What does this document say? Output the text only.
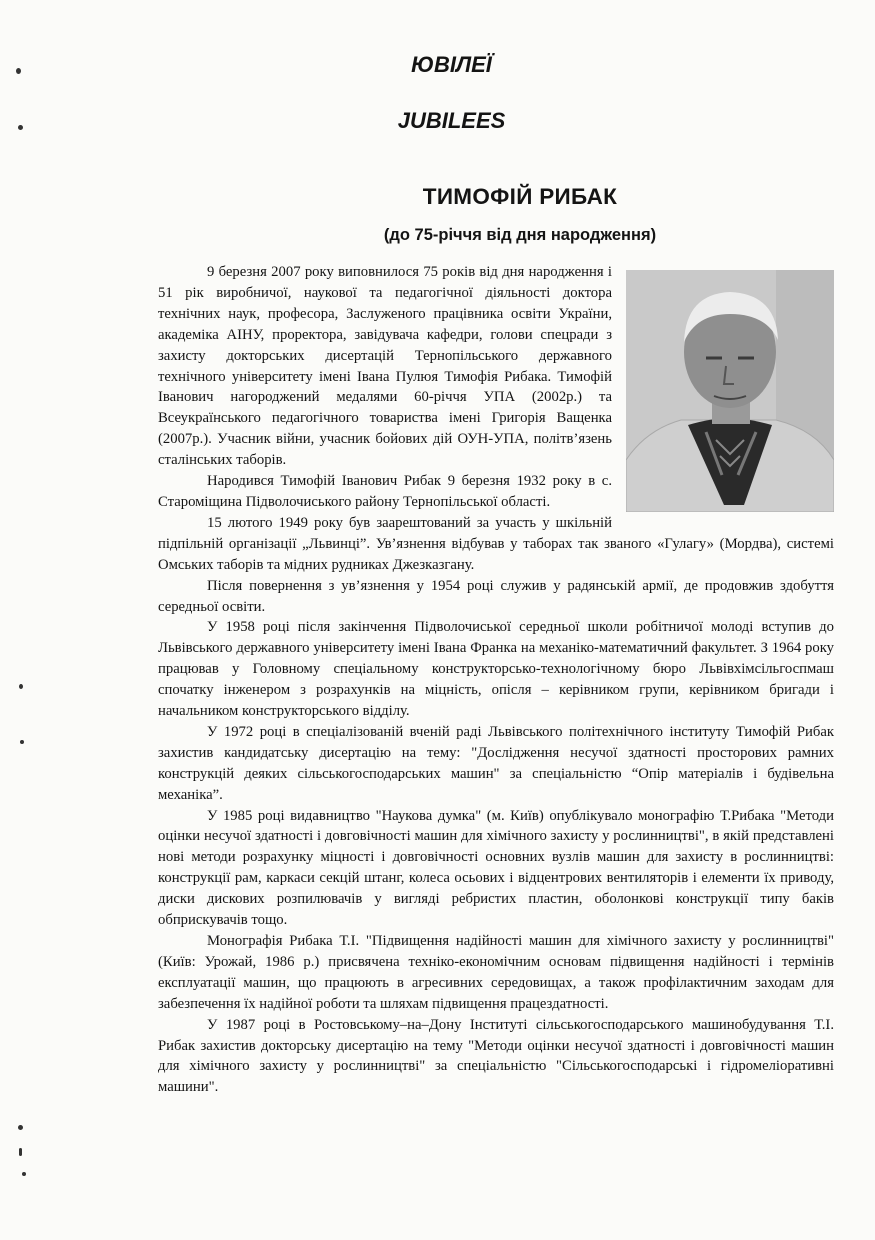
ЮВІЛЕЇ
JUBILEES
ТИМОФІЙ РИБАК
(до 75-річчя від дня народження)

9 березня 2007 року виповнилося 75 років від дня народження і 51 рік виробничої, наукової та педагогічної діяльності доктора технічних наук, професора, Заслуженого працівника освіти України, академіка АІНУ, проректора, завідувача кафедри, голови спецради з захисту докторських дисертацій Тернопільського державного технічного університету імені Івана Пулюя Тимофія Рибака. Тимофій Іванович нагороджений медалями 60-річчя УПА (2002р.) та Всеукраїнського педагогічного товариства імені Григорія Ващенка (2007р.). Учасник війни, учасник бойових дій ОУН-УПА, політв’язень сталінських таборів.

Народився Тимофій Іванович Рибак 9 березня 1932 року в с. Староміщина Підволочиського району Тернопільської області.

15 лютого 1949 року був заарештований за участь у шкільній підпільній організації „Львинці”. Ув’язнення відбував у таборах так званого «Гулагу» (Мордва), системі Омських таборів та мідних рудниках Джезказгану.

Після повернення з ув’язнення у 1954 році служив у радянській армії, де продовжив здобуття середньої освіти.

У 1958 році після закінчення Підволочиської середньої школи робітничої молоді вступив до Львівського державного університету імені Івана Франка на механіко-математичний факультет. З 1964 року працював у Головному спеціальному конструкторсько-технологічному бюро Львівхімсільгоспмаш спочатку інженером з розрахунків на міцність, опісля – керівником групи, керівником бригади і начальником конструкторського відділу.

У 1972 році в спеціалізованій вченій раді Львівського політехнічного інституту Тимофій Рибак захистив кандидатську дисертацію на тему: "Дослідження несучої здатності просторових рамних конструкцій деяких сільськогосподарських машин" за спеціальністю “Опір матеріалів і будівельна механіка”.

У 1985 році видавництво "Наукова думка" (м. Київ) опублікувало монографію Т.Рибака "Методи оцінки несучої здатності і довговічності машин для хімічного захисту у рослинництві", в якій представлені нові методи розрахунку міцності і довговічності основних вузлів машин для захисту в рослинництві: конструкції рам, каркаси секцій штанг, колеса осьових і відцентрових вентиляторів і елементи їх приводу, диски дискових розпилювачів у вигляді ребристих пластин, оболонкові конструкції типу баків обприскувачів тощо.

Монографія Рибака Т.І. "Підвищення надійності машин для хімічного захисту у рослинництві" (Київ: Урожай, 1986 р.) присвячена техніко-економічним основам підвищення надійності і термінів експлуатації машин, що працюють в агресивних середовищах, а також профілактичним заходам для забезпечення їх надійної роботи та шляхам підвищення працездатності.

У 1987 році в Ростовському–на–Дону Інституті сільськогосподарського машинобудування Т.І. Рибак захистив докторську дисертацію на тему "Методи оцінки несучої здатності і довговічності машин для хімічного захисту у рослинництві" за спеціальністю "Сільськогосподарські і гідромеліоративні машини".
